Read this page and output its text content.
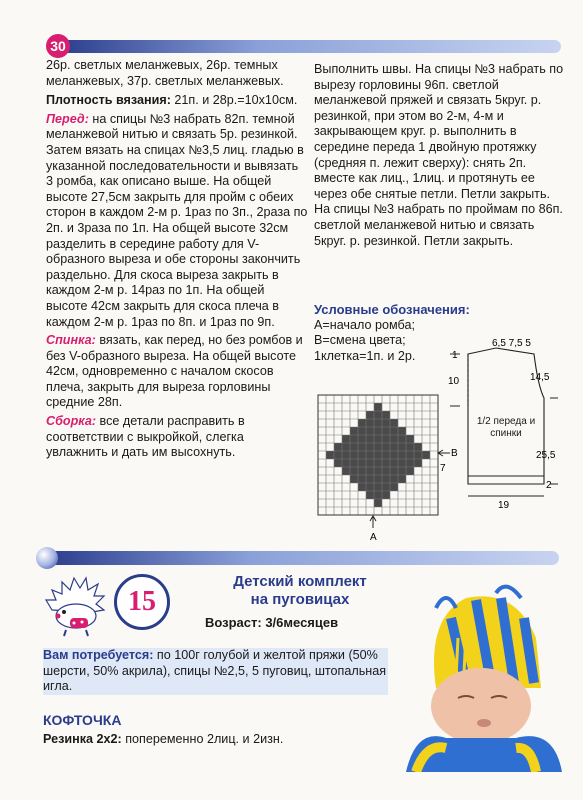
30

26р. светлых меланжевых, 26р. темных меланжевых, 37р. светлых меланжевых.

Плотность вязания: 21п. и 28р.=10х10см.

Перед: на спицы №3 набрать 82п. темной меланжевой нитью и связать 5р. резинкой. Затем вязать на спицах №3,5 лиц. гладью в указанной последовательности и вывязать 3 ромба, как описано выше. На общей высоте 27,5см закрыть для пройм с обеих сторон в каждом 2-м р. 1раз по 3п., 2раза по 2п. и 3раза по 1п. На общей высоте 32см разделить в середине работу для V-образного выреза и обе стороны закончить раздельно. Для скоса выреза закрыть в каждом 2-м р. 14раз по 1п. На общей высоте 42см закрыть для скоса плеча в каждом 2-м р. 1раз по 8п. и 1раз по 9п.

Спинка: вязать, как перед, но без ромбов и без V-образного выреза. На общей высоте 42см, одновременно с началом скосов плеча, закрыть для выреза горловины средние 28п.

Сборка: все детали расправить в соответствии с выкройкой, слегка увлажнить и дать им высохнуть.

Выполнить швы. На спицы №3 набрать по вырезу горловины 96п. светлой меланжевой пряжей и связать 5круг. р. резинкой, при этом во 2-м, 4-м и закрывающем круг. р. выполнить в середине переда 1 двойную протяжку (средняя п. лежит сверху): снять 2п. вместе как лиц., 1лиц. и протянуть ее через обе снятые петли. Петли закрыть. На спицы №3 набрать по проймам по 86п. светлой меланжевой нитью и связать 5круг. р. резинкой. Петли закрыть.

Условные обозначения:

А=начало ромба;

В=смена цвета;

1клетка=1п. и 2р.

А
В
7
6,5 7,5 5
10
1
14,5
25,5
2
19
1/2 переда и спинки
15
Детский комплект
на пуговицах
Возраст: 3/6месяцев
Вам потребуется: по 100г голубой и желтой пряжи (50% шерсти, 50% акрила), спицы №2,5, 5 пуговиц, штопальная игла.
КОФТОЧКА
Резинка 2х2: попеременно 2лиц. и 2изн.
